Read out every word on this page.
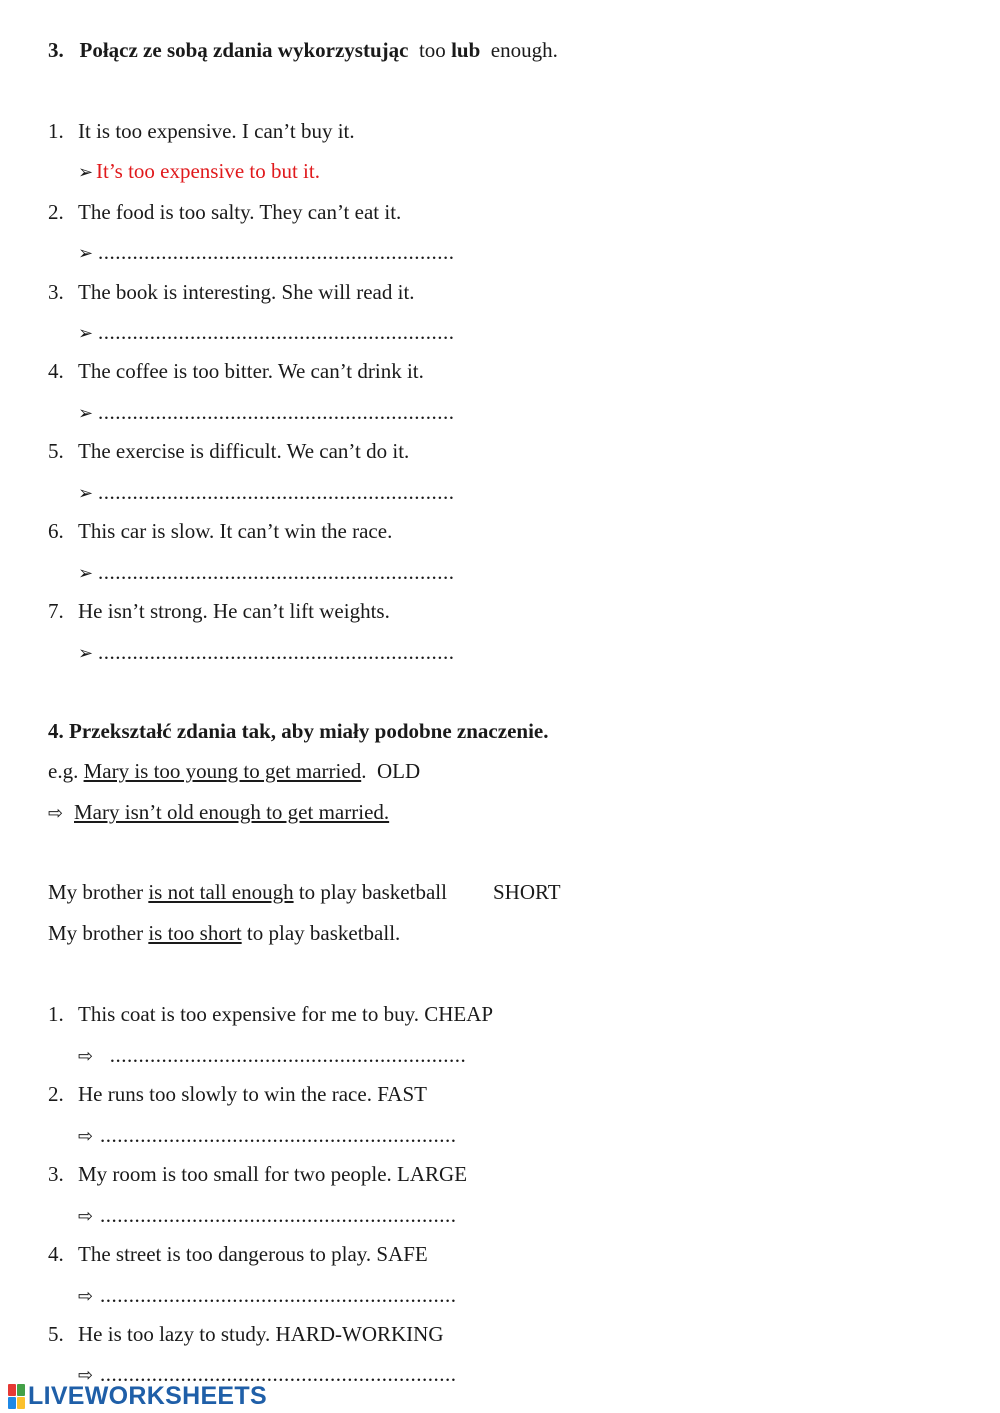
3. Połącz ze sobą zdania wykorzystując too lub enough.
1. It is too expensive. I can’t buy it.
➢ It’s too expensive to but it.
2. The food is too salty. They can’t eat it.
➢ ..............................................................
3. The book is interesting. She will read it.
➢ ..............................................................
4. The coffee is too bitter. We can’t drink it.
➢ ..............................................................
5. The exercise is difficult. We can’t do it.
➢ ..............................................................
6. This car is slow. It can’t win the race.
➢ ..............................................................
7. He isn’t strong. He can’t lift weights.
➢ ..............................................................
4. Przekształć zdania tak, aby miały podobne znaczenie.
e.g. Mary is too young to get married. OLD
⇨ Mary isn’t old enough to get married.
My brother is not tall enough to play basketball SHORT
My brother is too short to play basketball.
1. This coat is too expensive for me to buy. CHEAP
⇨ ..............................................................
2. He runs too slowly to win the race. FAST
⇨ ..............................................................
3. My room is too small for two people. LARGE
⇨ ..............................................................
4. The street is too dangerous to play. SAFE
⇨ ..............................................................
5. He is too lazy to study. HARD-WORKING
⇨ ..............................................................
LIVEWORKSHEETS
